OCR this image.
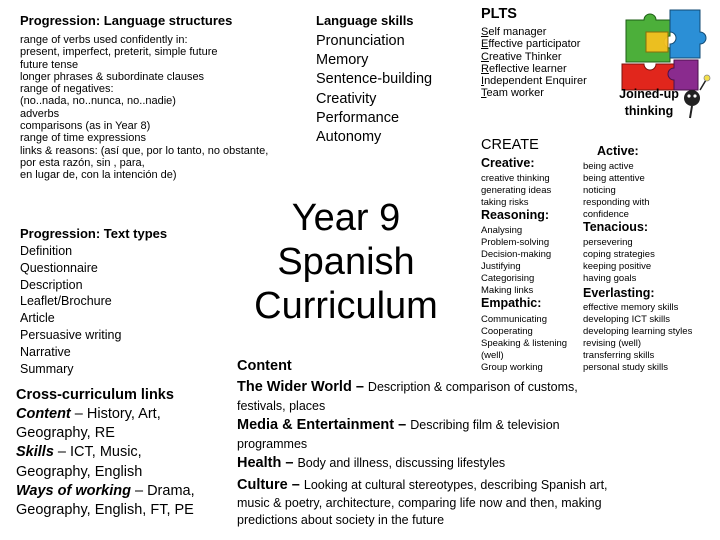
Progression: Language structures
range of verbs used confidently in:
present, imperfect, preterit, simple future
future tense
longer phrases & subordinate clauses
range of negatives:
(no..nada, no..nunca, no..nadie)
adverbs
comparisons (as in Year 8)
range of time expressions
links & reasons: (así que, por lo tanto, no obstante,
por esta razón, sin , para,
en lugar de, con la intención de)
Language skills
Pronunciation
Memory
Sentence-building
Creativity
Performance
Autonomy
PLTS
Self manager
Effective participator
Creative Thinker
Reflective learner
Independent Enquirer
Team worker	Joined-up thinking
CREATE
Creative:
creative thinking
generating ideas
taking risks
Reasoning:
Analysing
Problem-solving
Decision-making
Justifying
Categorising
Making links
Empathic:
Communicating
Cooperating
Speaking & listening
(well)
Group working
Active:
being active
being attentive
noticing
responding with
confidence
Tenacious:
persevering
coping strategies
keeping positive
having goals
Everlasting:
effective memory skills
developing ICT skills
developing learning styles
revising (well)
transferring skills
personal study skills
Year 9
Spanish
Curriculum
Progression: Text types
Definition
Questionnaire
Description
Leaflet/Brochure
Article
Persuasive writing
Narrative
Summary
Cross-curriculum links
Content – History, Art,
Geography, RE
Skills – ICT, Music,
Geography, English
Ways of working – Drama,
Geography, English, FT, PE
Content
The Wider World – Description & comparison of customs,
festivals, places
Media & Entertainment – Describing film & television
programmes
Health – Body and illness, discussing lifestyles
Culture – Looking at cultural stereotypes, describing Spanish art,
music & poetry, architecture, comparing life now and then, making
predictions about society in the future
